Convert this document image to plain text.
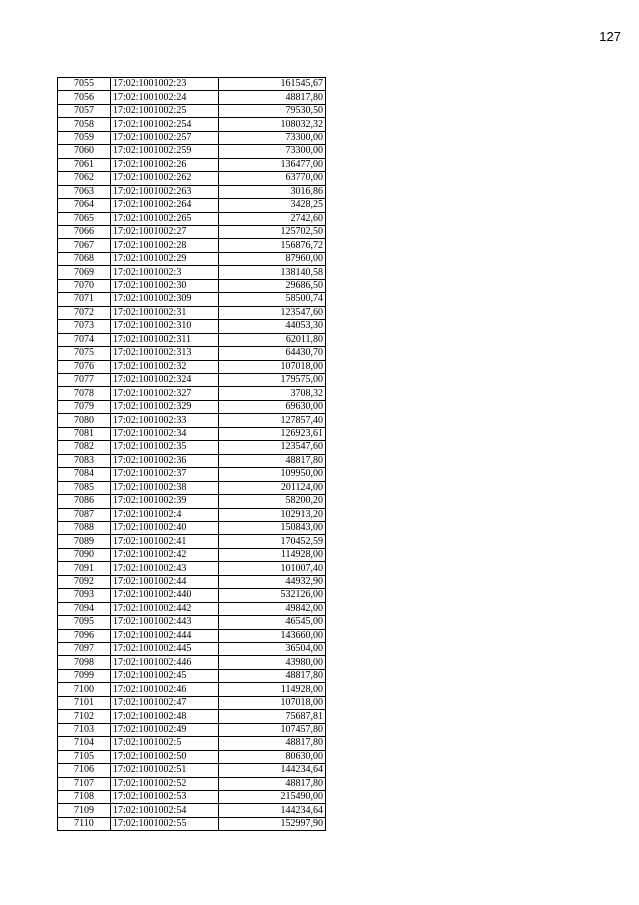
127
7055	17:02:1001002:23	161545,67
7056	17:02:1001002:24	48817,80
7057	17:02:1001002:25	79530,50
7058	17:02:1001002:254	108032,32
7059	17:02:1001002:257	73300,00
7060	17:02:1001002:259	73300,00
7061	17:02:1001002:26	136477,00
7062	17:02:1001002:262	63770,00
7063	17:02:1001002:263	3016,86
7064	17:02:1001002:264	3428,25
7065	17:02:1001002:265	2742,60
7066	17:02:1001002:27	125702,50
7067	17:02:1001002:28	156876,72
7068	17:02:1001002:29	87960,00
7069	17:02:1001002:3	138140,58
7070	17:02:1001002:30	29686,50
7071	17:02:1001002:309	58500,74
7072	17:02:1001002:31	123547,60
7073	17:02:1001002:310	44053,30
7074	17:02:1001002:311	62011,80
7075	17:02:1001002:313	64430,70
7076	17:02:1001002:32	107018,00
7077	17:02:1001002:324	179575,00
7078	17:02:1001002:327	3708,32
7079	17:02:1001002:329	69630,00
7080	17:02:1001002:33	127857,40
7081	17:02:1001002:34	126923,61
7082	17:02:1001002:35	123547,60
7083	17:02:1001002:36	48817,80
7084	17:02:1001002:37	109950,00
7085	17:02:1001002:38	201124,00
7086	17:02:1001002:39	58200,20
7087	17:02:1001002:4	102913,20
7088	17:02:1001002:40	150843,00
7089	17:02:1001002:41	170452,59
7090	17:02:1001002:42	114928,00
7091	17:02:1001002:43	101007,40
7092	17:02:1001002:44	44932,90
7093	17:02:1001002:440	532126,00
7094	17:02:1001002:442	49842,00
7095	17:02:1001002:443	46545,00
7096	17:02:1001002:444	143660,00
7097	17:02:1001002:445	36504,00
7098	17:02:1001002:446	43980,00
7099	17:02:1001002:45	48817,80
7100	17:02:1001002:46	114928,00
7101	17:02:1001002:47	107018,00
7102	17:02:1001002:48	75687,81
7103	17:02:1001002:49	107457,80
7104	17:02:1001002:5	48817,80
7105	17:02:1001002:50	80630,00
7106	17:02:1001002:51	144234,64
7107	17:02:1001002:52	48817,80
7108	17:02:1001002:53	215490,00
7109	17:02:1001002:54	144234,64
7110	17:02:1001002:55	152997,90
